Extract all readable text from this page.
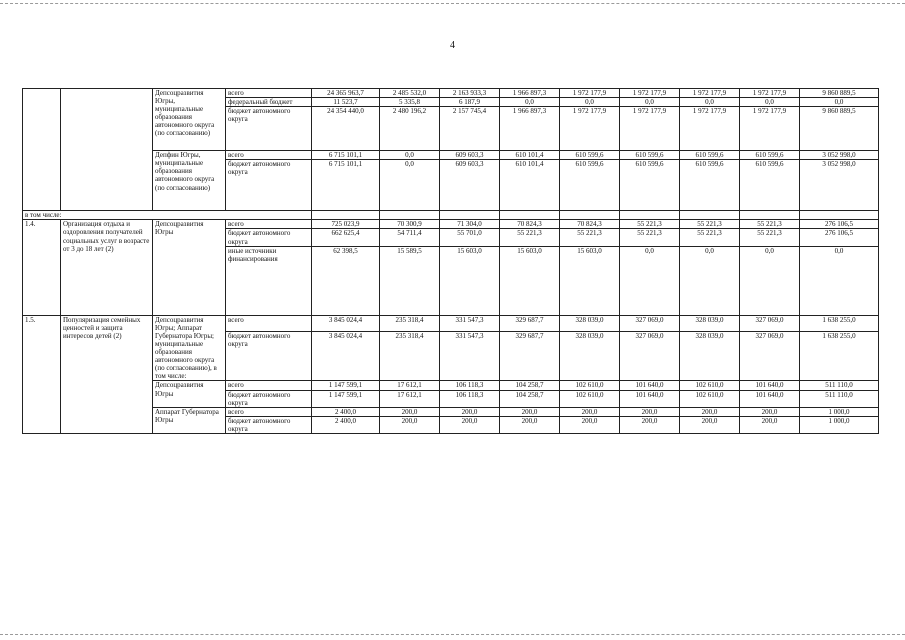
4
		Депсоцразвития Югры, муниципальные образования автономного округа (по согласованию)	всего	24 365 963,7	2 485 532,0	2 163 933,3	1 966 897,3	1 972 177,9	1 972 177,9	1 972 177,9	1 972 177,9	9 860 889,5
			федеральный бюджет	11 523,7	5 335,8	6 187,9	0,0	0,0	0,0	0,0	0,0	0,0
			бюджет автономного округа	24 354 440,0	2 480 196,2	2 157 745,4	1 966 897,3	1 972 177,9	1 972 177,9	1 972 177,9	1 972 177,9	9 860 889,5
		Депфин Югры, муниципальные образования автономного округа (по согласованию)	всего	6 715 101,1	0,0	609 603,3	610 101,4	610 599,6	610 599,6	610 599,6	610 599,6	3 052 998,0
			бюджет автономного округа	6 715 101,1	0,0	609 603,3	610 101,4	610 599,6	610 599,6	610 599,6	610 599,6	3 052 998,0
в том числе:												
1.4.	Организация отдыха и оздоровления получателей социальных услуг в возрасте от 3 до 18 лет (2)	Депсоцразвития Югры	всего	725 023,9	70 300,9	71 304,0	70 824,3	70 824,3	55 221,3	55 221,3	55 221,3	276 106,5
			бюджет автономного округа	662 625,4	54 711,4	55 701,0	55 221,3	55 221,3	55 221,3	55 221,3	55 221,3	276 106,5
			иные источники финансирования	62 398,5	15 589,5	15 603,0	15 603,0	15 603,0	0,0	0,0	0,0	0,0
1.5.	Популяризация семейных ценностей и защита интересов детей (2)	Депсоцразвития Югры; Аппарат Губернатора Югры; муниципальные образования автономного округа (по согласованию), в том числе:	всего	3 845 024,4	235 318,4	331 547,3	329 687,7	328 039,0	327 069,0	328 039,0	327 069,0	1 638 255,0
			бюджет автономного округа	3 845 024,4	235 318,4	331 547,3	329 687,7	328 039,0	327 069,0	328 039,0	327 069,0	1 638 255,0
		Депсоцразвития Югры	всего	1 147 599,1	17 612,1	106 118,3	104 258,7	102 610,0	101 640,0	102 610,0	101 640,0	511 110,0
			бюджет автономного округа	1 147 599,1	17 612,1	106 118,3	104 258,7	102 610,0	101 640,0	102 610,0	101 640,0	511 110,0
		Аппарат Губернатора Югры	всего	2 400,0	200,0	200,0	200,0	200,0	200,0	200,0	200,0	1 000,0
			бюджет автономного округа	2 400,0	200,0	200,0	200,0	200,0	200,0	200,0	200,0	1 000,0
